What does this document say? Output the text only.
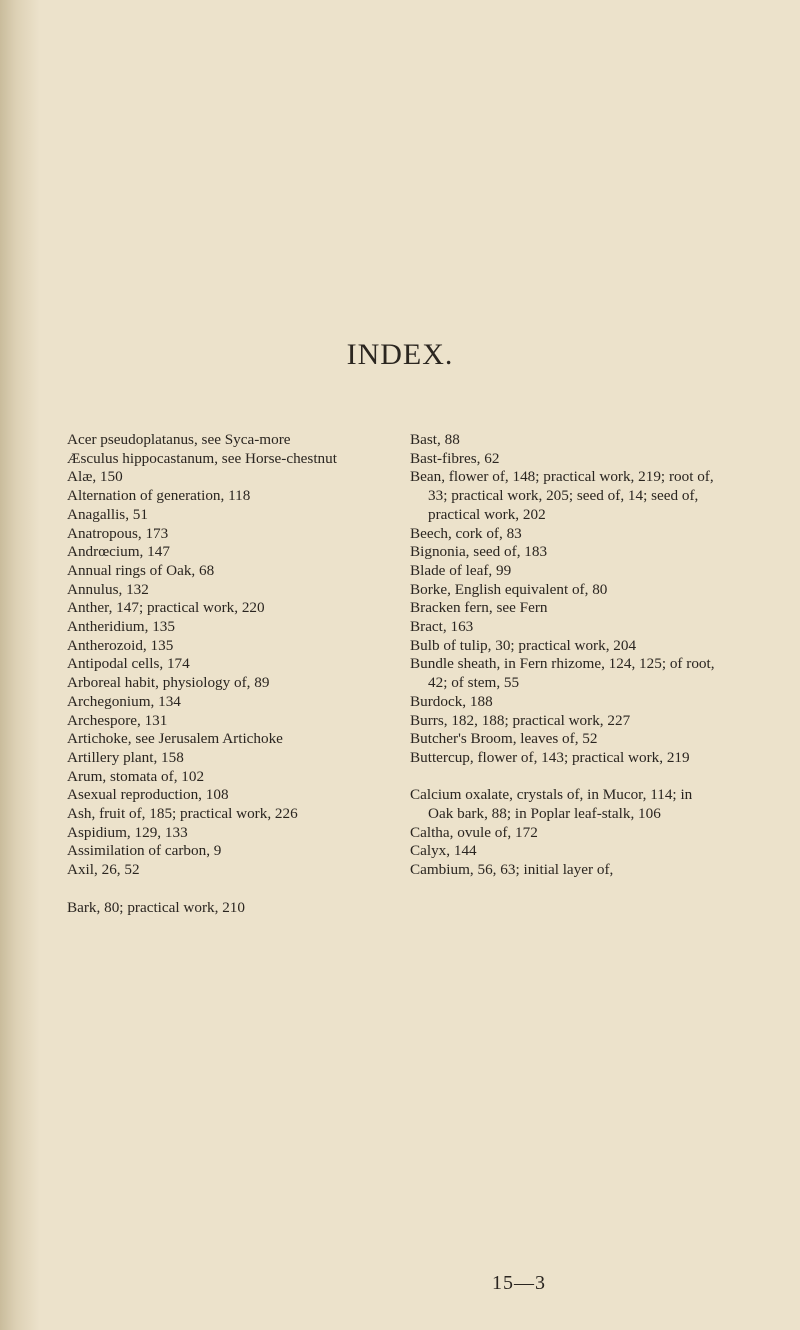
INDEX.
Acer pseudoplatanus, see Syca-more
Æsculus hippocastanum, see Horse-chestnut
Alæ, 150
Alternation of generation, 118
Anagallis, 51
Anatropous, 173
Andrœcium, 147
Annual rings of Oak, 68
Annulus, 132
Anther, 147; practical work, 220
Antheridium, 135
Antherozoid, 135
Antipodal cells, 174
Arboreal habit, physiology of, 89
Archegonium, 134
Archespore, 131
Artichoke, see Jerusalem Artichoke
Artillery plant, 158
Arum, stomata of, 102
Asexual reproduction, 108
Ash, fruit of, 185; practical work, 226
Aspidium, 129, 133
Assimilation of carbon, 9
Axil, 26, 52
Bark, 80; practical work, 210
Bast, 88
Bast-fibres, 62
Bean, flower of, 148; practical work, 219; root of, 33; practical work, 205; seed of, 14; seed of, practical work, 202
Beech, cork of, 83
Bignonia, seed of, 183
Blade of leaf, 99
Borke, English equivalent of, 80
Bracken fern, see Fern
Bract, 163
Bulb of tulip, 30; practical work, 204
Bundle sheath, in Fern rhizome, 124, 125; of root, 42; of stem, 55
Burdock, 188
Burrs, 182, 188; practical work, 227
Butcher's Broom, leaves of, 52
Buttercup, flower of, 143; practical work, 219
Calcium oxalate, crystals of, in Mucor, 114; in Oak bark, 88; in Poplar leaf-stalk, 106
Caltha, ovule of, 172
Calyx, 144
Cambium, 56, 63; initial layer of,
15—3
